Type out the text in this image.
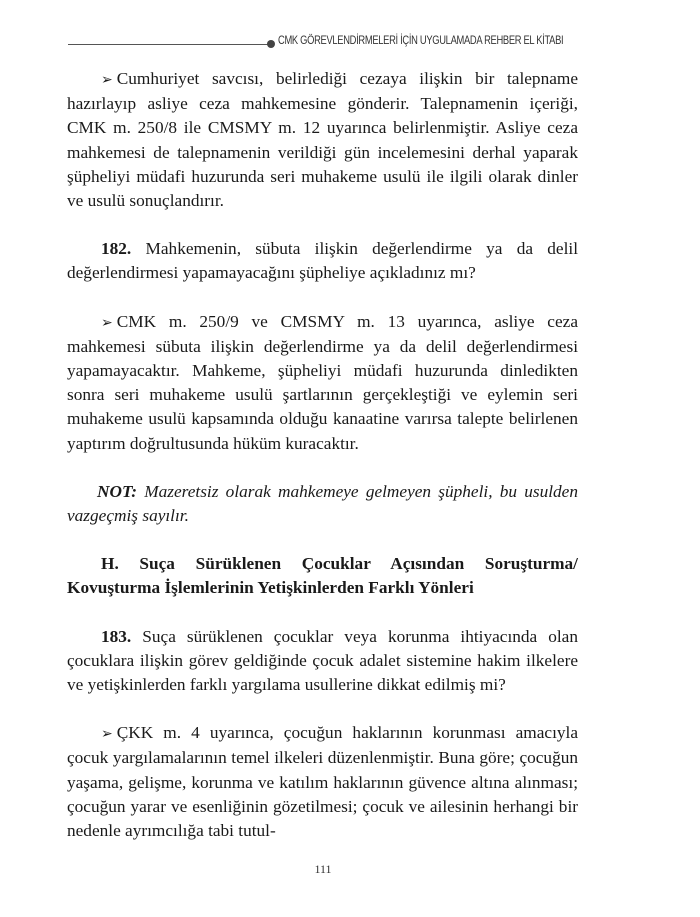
CMK GÖREVLENDİRMELERİ İÇİN UYGULAMADA REHBER EL KİTABI

➢ Cumhuriyet savcısı, belirlediği cezaya ilişkin bir talepname hazırlayıp asliye ceza mahkemesine gönderir. Talepnamenin içeriği, CMK m. 250/8 ile CMSMY m. 12 uyarınca belirlenmiştir. Asliye ceza mahkemesi de talepnamenin verildiği gün incelemesini derhal yaparak şüpheliyi müdafi huzurunda seri muhakeme usulü ile ilgili olarak dinler ve usulü sonuçlandırır.

182. Mahkemenin, sübuta ilişkin değerlendirme ya da delil değerlendirmesi yapamayacağını şüpheliye açıkladınız mı?

➢ CMK m. 250/9 ve CMSMY m. 13 uyarınca, asliye ceza mahkemesi sübuta ilişkin değerlendirme ya da delil değerlendirmesi yapamayacaktır. Mahkeme, şüpheliyi müdafi huzurunda dinledikten sonra seri muhakeme usulü şartlarının gerçekleştiği ve eylemin seri muhakeme usulü kapsamında olduğu kanaatine varırsa talepte belirlenen yaptırım doğrultusunda hüküm kuracaktır.

NOT: Mazeretsiz olarak mahkemeye gelmeyen şüpheli, bu usulden vazgeçmiş sayılır.

H. Suça Sürüklenen Çocuklar Açısından Soruşturma/ Kovuşturma İşlemlerinin Yetişkinlerden Farklı Yönleri

183. Suça sürüklenen çocuklar veya korunma ihtiyacında olan çocuklara ilişkin görev geldiğinde çocuk adalet sistemine hakim ilkelere ve yetişkinlerden farklı yargılama usullerine dikkat edilmiş mi?

➢ ÇKK m. 4 uyarınca, çocuğun haklarının korunması amacıyla çocuk yargılamalarının temel ilkeleri düzenlenmiştir. Buna göre; çocuğun yaşama, gelişme, korunma ve katılım haklarının güvence altına alınması; çocuğun yarar ve esenliğinin gözetilmesi; çocuk ve ailesinin herhangi bir nedenle ayrımcılığa tabi tutul-

111
